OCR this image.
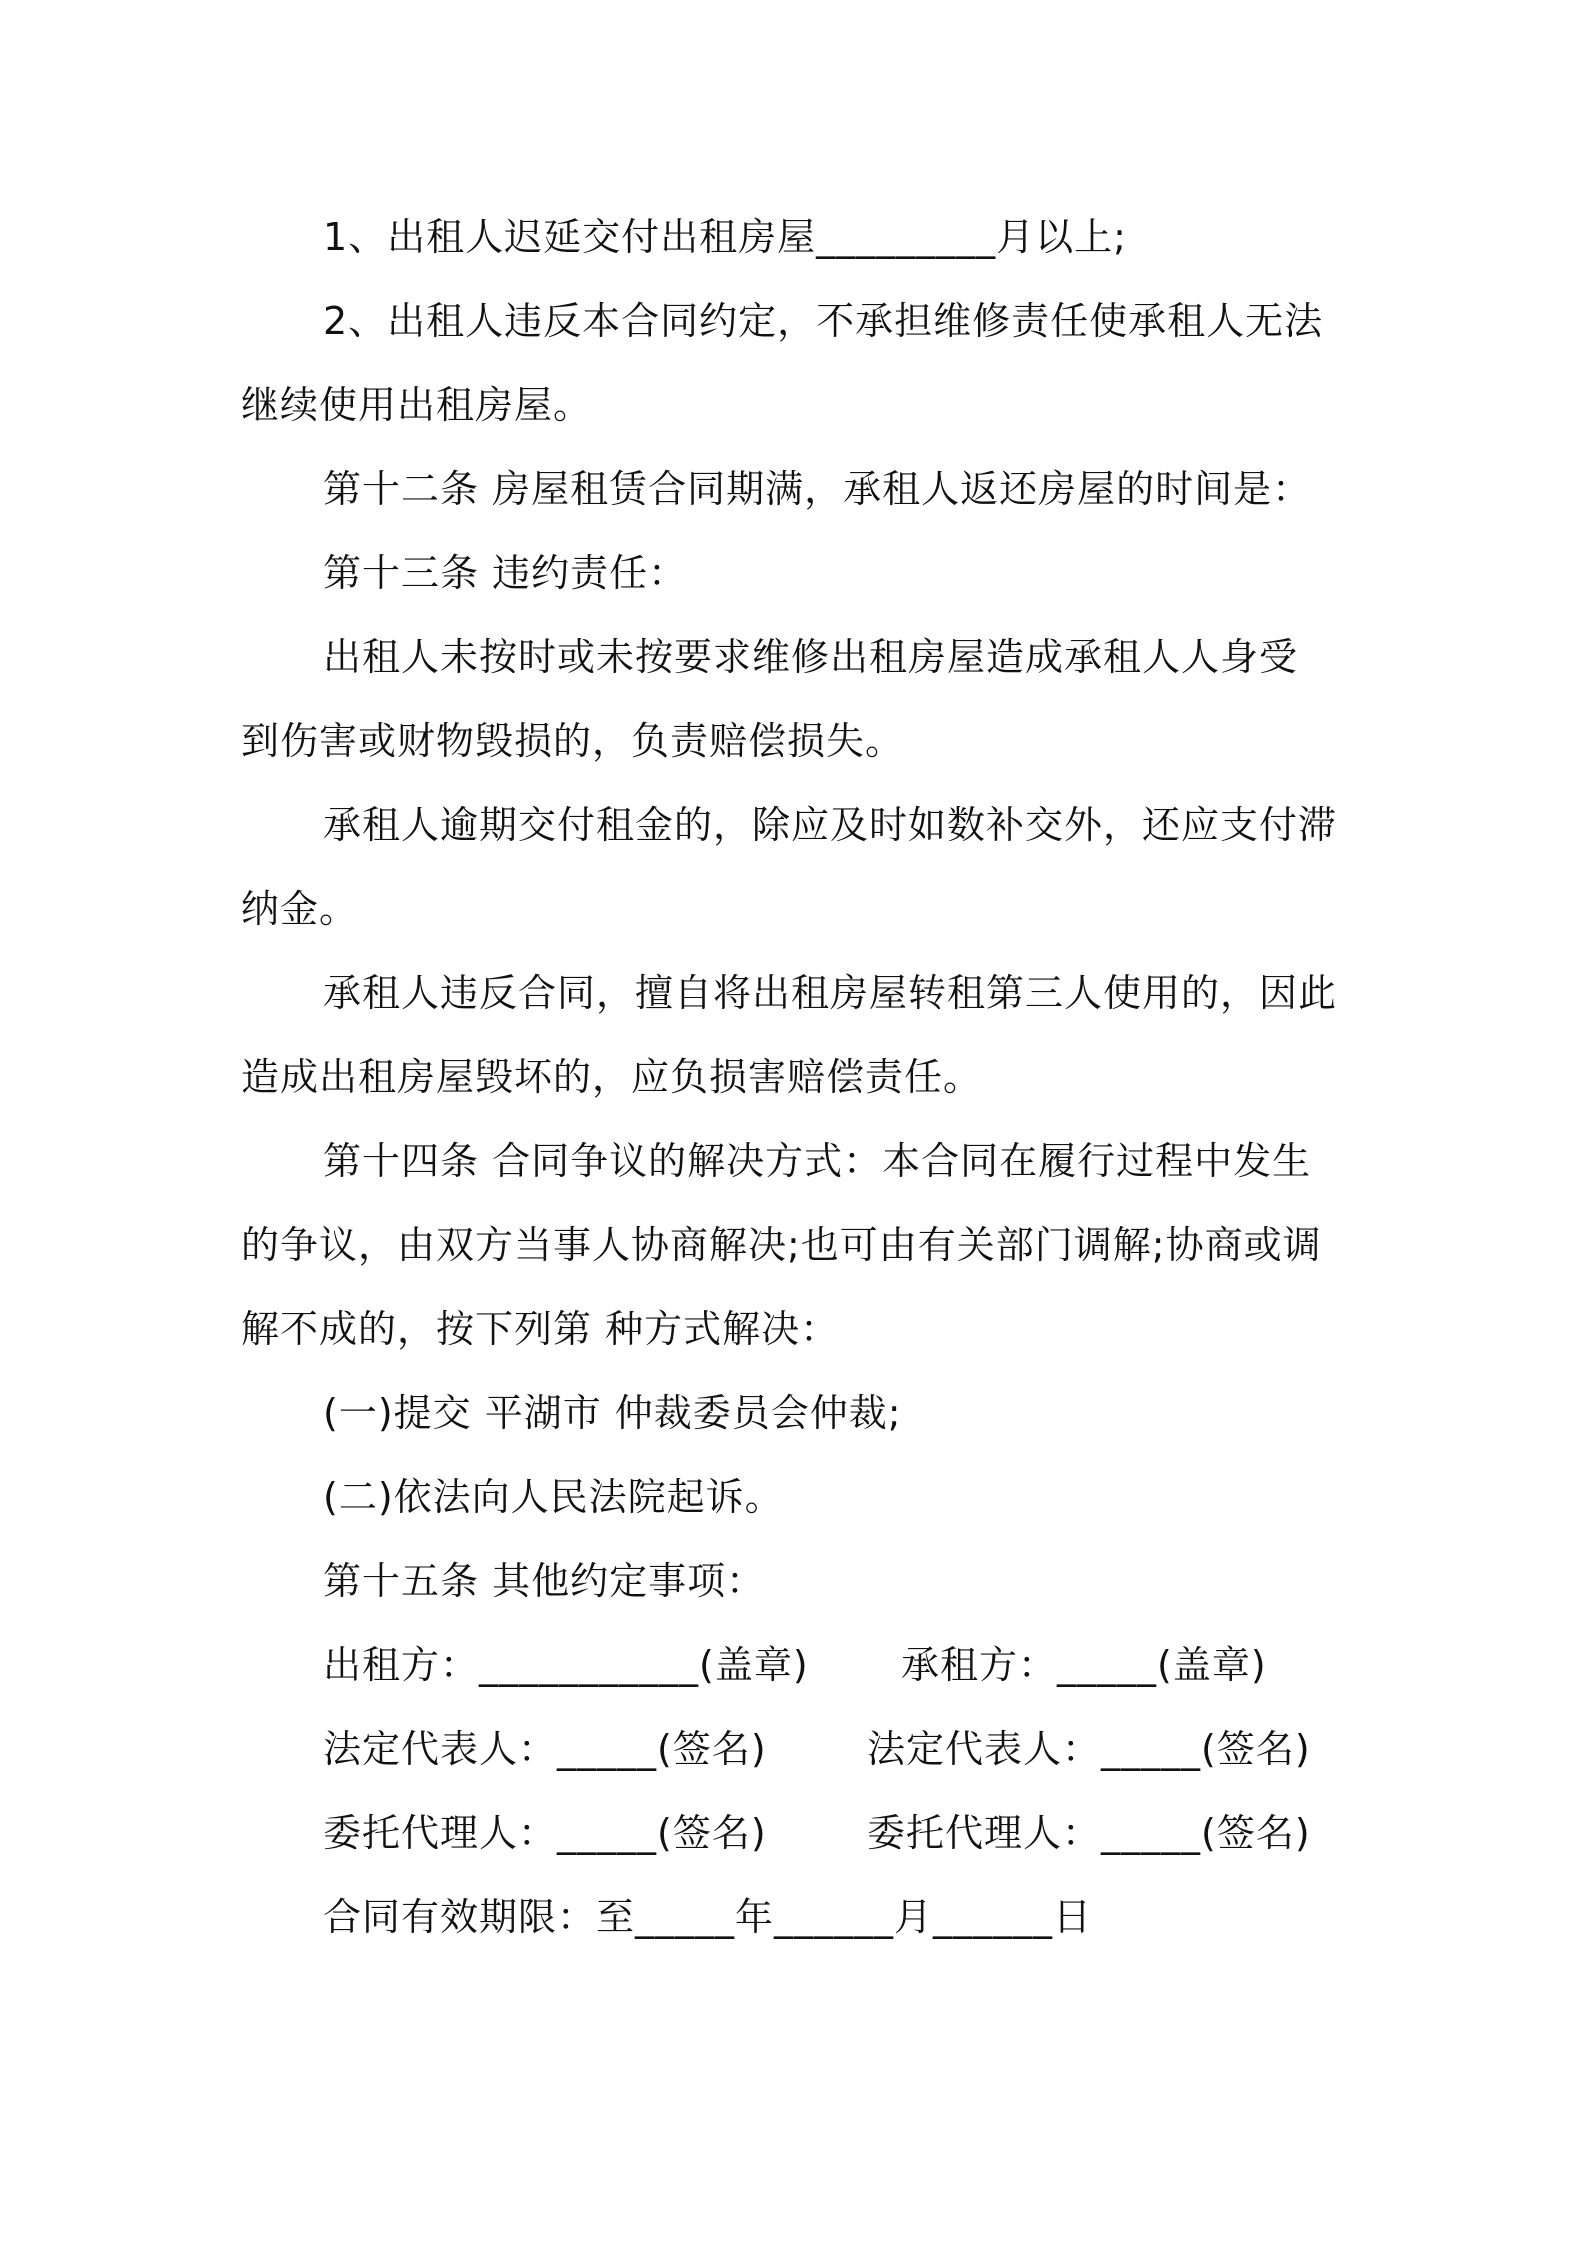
1、出租人迟延交付出租房屋_________月以上;
2、出租人违反本合同约定，不承担维修责任使承租人无法
继续使用出租房屋。
第十二条 房屋租赁合同期满，承租人返还房屋的时间是：
第十三条 违约责任：
出租人未按时或未按要求维修出租房屋造成承租人人身受
到伤害或财物毁损的，负责赔偿损失。
承租人逾期交付租金的，除应及时如数补交外，还应支付滞
纳金。
承租人违反合同，擅自将出租房屋转租第三人使用的，因此
造成出租房屋毁坏的，应负损害赔偿责任。
第十四条 合同争议的解决方式：本合同在履行过程中发生
的争议，由双方当事人协商解决;也可由有关部门调解;协商或调
解不成的，按下列第 种方式解决：
(一)提交 平湖市 仲裁委员会仲裁;
(二)依法向人民法院起诉。
第十五条 其他约定事项：
出租方：___________(盖章)	承租方：_____(盖章)
法定代表人：_____(签名)	法定代表人：_____(签名)
委托代理人：_____(签名)	委托代理人：_____(签名)
合同有效期限：至_____年______月______日
